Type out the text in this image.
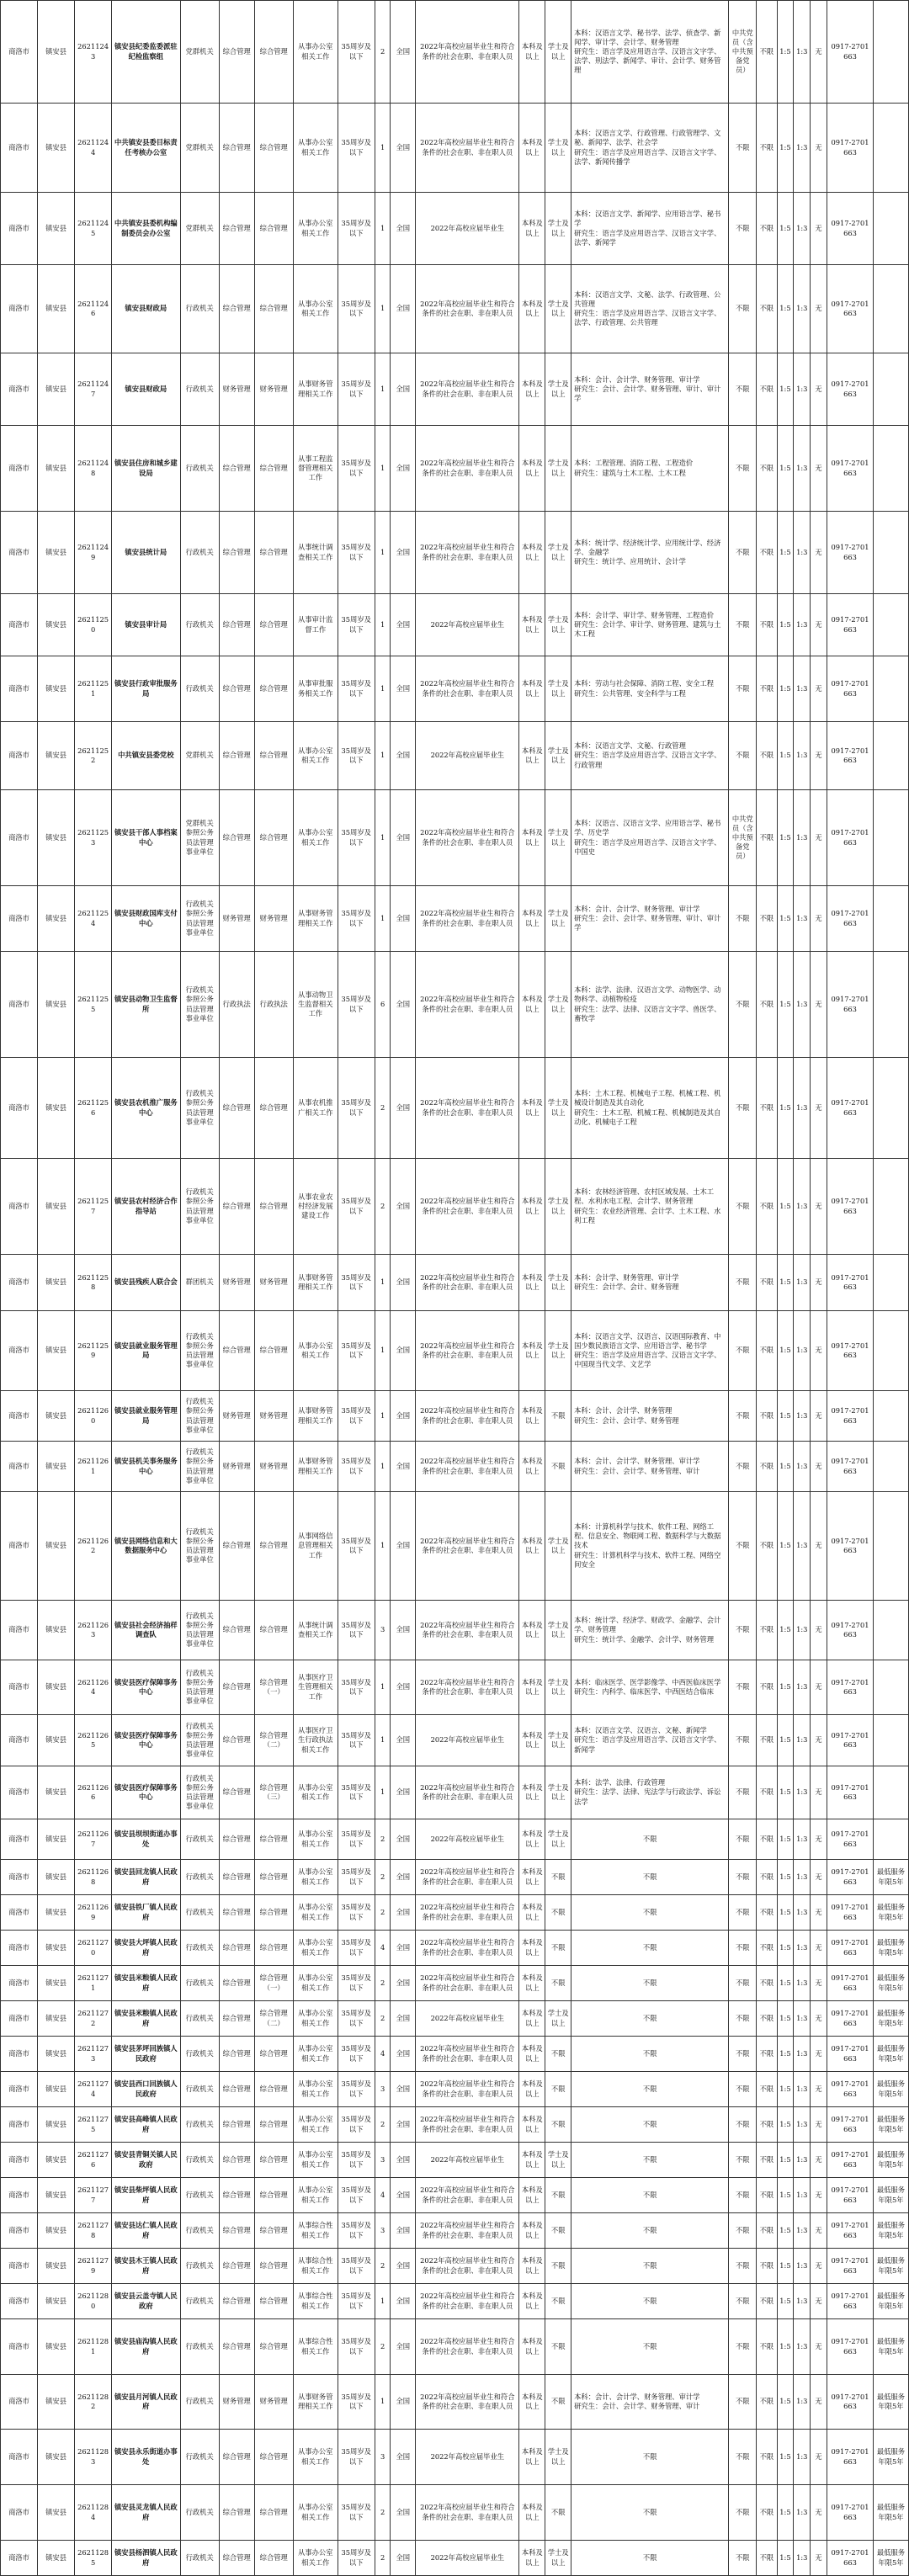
商洛市	镇安县	26211243	镇安县纪委监委派驻纪检监察组	党群机关	综合管理	综合管理	从事办公室相关工作	35周岁及以下	2	全国	2022年高校应届毕业生和符合条件的社会在职、非在职人员	本科及以上	学士及以上	本科：汉语言文学、秘书学、法学、侦查学、新闻学、审计学、会计学、财务管理
研究生：语言学及应用语言学、汉语言文字学、法学、刑法学、新闻学、审计、会计学、财务管理	中共党员（含中共预备党员）	不限	1:5	1:3	无	0917-2701663	
商洛市	镇安县	26211244	中共镇安县委目标责任考核办公室	党群机关	综合管理	综合管理	从事办公室相关工作	35周岁及以下	1	全国	2022年高校应届毕业生和符合条件的社会在职、非在职人员	本科及以上	学士及以上	本科：汉语言文学、行政管理、行政管理学、文秘、新闻学、法学、社会学
研究生：语言学及应用语言学、汉语言文字学、法学、新闻传播学	不限	不限	1:5	1:3	无	0917-2701663	
商洛市	镇安县	26211245	中共镇安县委机构编制委员会办公室	党群机关	综合管理	综合管理	从事办公室相关工作	35周岁及以下	1	全国	2022年高校应届毕业生	本科及以上	学士及以上	本科：汉语言文学、新闻学、应用语言学、秘书学
研究生：语言学及应用语言学、汉语言文字学、法学、新闻学	不限	不限	1:5	1:3	无	0917-2701663	
商洛市	镇安县	26211246	镇安县财政局	行政机关	综合管理	综合管理	从事办公室相关工作	35周岁及以下	1	全国	2022年高校应届毕业生和符合条件的社会在职、非在职人员	本科及以上	学士及以上	本科：汉语言文学、文秘、法学、行政管理、公共管理
研究生：语言学及应用语言学、汉语言文字学、法学、行政管理、公共管理	不限	不限	1:5	1:3	无	0917-2701663	
商洛市	镇安县	26211247	镇安县财政局	行政机关	财务管理	财务管理	从事财务管理相关工作	35周岁及以下	1	全国	2022年高校应届毕业生和符合条件的社会在职、非在职人员	本科及以上	学士及以上	本科：会计、会计学、财务管理、审计学
研究生：会计、会计学、财务管理、审计、审计学	不限	不限	1:5	1:3	无	0917-2701663	
商洛市	镇安县	26211248	镇安县住房和城乡建设局	行政机关	综合管理	综合管理	从事工程监督管理相关工作	35周岁及以下	1	全国	2022年高校应届毕业生和符合条件的社会在职、非在职人员	本科及以上	学士及以上	本科：工程管理、消防工程、工程造价
研究生：建筑与土木工程、土木工程	不限	不限	1:5	1:3	无	0917-2701663	
商洛市	镇安县	26211249	镇安县统计局	行政机关	综合管理	综合管理	从事统计调查相关工作	35周岁及以下	1	全国	2022年高校应届毕业生和符合条件的社会在职、非在职人员	本科及以上	学士及以上	本科：统计学、经济统计学、应用统计学、经济学、金融学
研究生：统计学、应用统计、会计学	不限	不限	1:5	1:3	无	0917-2701663	
商洛市	镇安县	26211250	镇安县审计局	行政机关	综合管理	综合管理	从事审计监督工作	35周岁及以下	1	全国	2022年高校应届毕业生	本科及以上	学士及以上	本科：会计学、审计学、财务管理、工程造价
研究生：会计学、审计学、财务管理、建筑与土木工程	不限	不限	1:5	1:3	无	0917-2701663	
商洛市	镇安县	26211251	镇安县行政审批服务局	行政机关	综合管理	综合管理	从事审批服务相关工作	35周岁及以下	1	全国	2022年高校应届毕业生和符合条件的社会在职、非在职人员	本科及以上	学士及以上	本科：劳动与社会保障、消防工程、安全工程
研究生：公共管理、安全科学与工程	不限	不限	1:5	1:3	无	0917-2701663	
商洛市	镇安县	26211252	中共镇安县委党校	党群机关	综合管理	综合管理	从事办公室相关工作	35周岁及以下	1	全国	2022年高校应届毕业生	本科及以上	学士及以上	本科：汉语言文学、文秘、行政管理
研究生：语言学及应用语言学、汉语言文字学、行政管理	不限	不限	1:5	1:3	无	0917-2701663	
商洛市	镇安县	26211253	镇安县干部人事档案中心	党群机关参照公务员法管理事业单位	综合管理	综合管理	从事办公室相关工作	35周岁及以下	1	全国	2022年高校应届毕业生和符合条件的社会在职、非在职人员	本科及以上	学士及以上	本科：汉语言、汉语言文学、应用语言学、秘书学、历史学
研究生：语言学及应用语言学、汉语言文字学、中国史	中共党员（含中共预备党员）	不限	1:5	1:3	无	0917-2701663	
商洛市	镇安县	26211254	镇安县财政国库支付中心	行政机关参照公务员法管理事业单位	财务管理	财务管理	从事财务管理相关工作	35周岁及以下	1	全国	2022年高校应届毕业生和符合条件的社会在职、非在职人员	本科及以上	学士及以上	本科：会计、会计学、财务管理、审计学
研究生：会计、会计学、财务管理、审计、审计学	不限	不限	1:5	1:3	无	0917-2701663	
商洛市	镇安县	26211255	镇安县动物卫生监督所	行政机关参照公务员法管理事业单位	行政执法	行政执法	从事动物卫生监督相关工作	35周岁及以下	6	全国	2022年高校应届毕业生和符合条件的社会在职、非在职人员	本科及以上	学士及以上	本科：法学、法律、汉语言文学、动物医学、动物科学、动植物检疫
研究生：法学、法律、汉语言文字学、兽医学、畜牧学	不限	不限	1:5	1:3	无	0917-2701663	
商洛市	镇安县	26211256	镇安县农机推广服务中心	行政机关参照公务员法管理事业单位	综合管理	综合管理	从事农机推广相关工作	35周岁及以下	2	全国	2022年高校应届毕业生和符合条件的社会在职、非在职人员	本科及以上	学士及以上	本科：土木工程、机械电子工程、机械工程、机械设计制造及其自动化
研究生：土木工程、机械工程、机械制造及其自动化、机械电子工程	不限	不限	1:5	1:3	无	0917-2701663	
商洛市	镇安县	26211257	镇安县农村经济合作指导站	行政机关参照公务员法管理事业单位	综合管理	综合管理	从事农业农村经济发展建设工作	35周岁及以下	2	全国	2022年高校应届毕业生和符合条件的社会在职、非在职人员	本科及以上	学士及以上	本科：农林经济管理、农村区域发展、土木工程、水利水电工程、会计学、财务管理
研究生：农业经济管理、会计学、土木工程、水利工程	不限	不限	1:5	1:3	无	0917-2701663	
商洛市	镇安县	26211258	镇安县残疾人联合会	群团机关	财务管理	财务管理	从事财务管理相关工作	35周岁及以下	1	全国	2022年高校应届毕业生和符合条件的社会在职、非在职人员	本科及以上	学士及以上	本科：会计学、财务管理、审计学
研究生：会计学、会计、财务管理	不限	不限	1:5	1:3	无	0917-2701663	
商洛市	镇安县	26211259	镇安县就业服务管理局	行政机关参照公务员法管理事业单位	综合管理	综合管理	从事办公室相关工作	35周岁及以下	1	全国	2022年高校应届毕业生和符合条件的社会在职、非在职人员	本科及以上	学士及以上	本科：汉语言文学、汉语言、汉语国际教育、中国少数民族语言文学、应用语言学、秘书学
研究生：语言学及应用语言学、汉语言文字学、中国现当代文学、文艺学	不限	不限	1:5	1:3	无	0917-2701663	
商洛市	镇安县	26211260	镇安县就业服务管理局	行政机关参照公务员法管理事业单位	财务管理	财务管理	从事财务管理相关工作	35周岁及以下	1	全国	2022年高校应届毕业生和符合条件的社会在职、非在职人员	本科及以上	不限	本科：会计、会计学、财务管理
研究生：会计、会计学、财务管理	不限	不限	1:5	1:3	无	0917-2701663	
商洛市	镇安县	26211261	镇安县机关事务服务中心	行政机关参照公务员法管理事业单位	财务管理	财务管理	从事财务管理相关工作	35周岁及以下	1	全国	2022年高校应届毕业生和符合条件的社会在职、非在职人员	本科及以上	不限	本科：会计、会计学、财务管理、审计学
研究生：会计、会计学、财务管理、审计	不限	不限	1:5	1:3	无	0917-2701663	
商洛市	镇安县	26211262	镇安县网络信息和大数据服务中心	行政机关参照公务员法管理事业单位	综合管理	综合管理	从事网络信息管理相关工作	35周岁及以下	1	全国	2022年高校应届毕业生和符合条件的社会在职、非在职人员	本科及以上	学士及以上	本科：计算机科学与技术、软件工程、网络工程、信息安全、物联网工程、数据科学与大数据技术
研究生：计算机科学与技术、软件工程、网络空间安全	不限	不限	1:5	1:3	无	0917-2701663	
商洛市	镇安县	26211263	镇安县社会经济抽样调查队	行政机关参照公务员法管理事业单位	综合管理	综合管理	从事统计调查相关工作	35周岁及以下	3	全国	2022年高校应届毕业生和符合条件的社会在职、非在职人员	本科及以上	学士及以上	本科：统计学、经济学、财政学、金融学、会计学、财务管理
研究生：统计学、金融学、会计学、财务管理	不限	不限	1:5	1:3	无	0917-2701663	
商洛市	镇安县	26211264	镇安县医疗保障事务中心	行政机关参照公务员法管理事业单位	综合管理	综合管理（一）	从事医疗卫生管理相关工作	35周岁及以下	1	全国	2022年高校应届毕业生和符合条件的社会在职、非在职人员	本科及以上	学士及以上	本科：临床医学、医学影像学、中西医临床医学
研究生：内科学、临床医学、中西医结合临床	不限	不限	1:5	1:3	无	0917-2701663	
商洛市	镇安县	26211265	镇安县医疗保障事务中心	行政机关参照公务员法管理事业单位	综合管理	综合管理（二）	从事医疗卫生行政执法相关工作	35周岁及以下	1	全国	2022年高校应届毕业生	本科及以上	学士及以上	本科：汉语言文学、汉语言、文秘、新闻学
研究生：语言学及应用语言学、汉语言文字学、新闻学	不限	不限	1:5	1:3	无	0917-2701663	
商洛市	镇安县	26211266	镇安县医疗保障事务中心	行政机关参照公务员法管理事业单位	综合管理	综合管理（三）	从事办公室相关工作	35周岁及以下	1	全国	2022年高校应届毕业生和符合条件的社会在职、非在职人员	本科及以上	学士及以上	本科：法学、法律、行政管理
研究生：法学、法律、宪法学与行政法学、诉讼法学	不限	不限	1:5	1:3	无	0917-2701663	
商洛市	镇安县	26211267	镇安县坝坝街道办事处	行政机关	综合管理	综合管理	从事办公室相关工作	35周岁及以下	2	全国	2022年高校应届毕业生	本科及以上	学士及以上	不限	不限	不限	1:5	1:3	无	0917-2701663	
商洛市	镇安县	26211268	镇安县回龙镇人民政府	行政机关	综合管理	综合管理	从事办公室相关工作	35周岁及以下	2	全国	2022年高校应届毕业生和符合条件的社会在职、非在职人员	本科及以上	不限	不限	不限	不限	1:5	1:3	无	0917-2701663	最低服务年限5年
商洛市	镇安县	26211269	镇安县铁厂镇人民政府	行政机关	综合管理	综合管理	从事办公室相关工作	35周岁及以下	2	全国	2022年高校应届毕业生和符合条件的社会在职、非在职人员	本科及以上	不限	不限	不限	不限	1:5	1:3	无	0917-2701663	最低服务年限5年
商洛市	镇安县	26211270	镇安县大坪镇人民政府	行政机关	综合管理	综合管理	从事办公室相关工作	35周岁及以下	4	全国	2022年高校应届毕业生和符合条件的社会在职、非在职人员	本科及以上	不限	不限	不限	不限	1:5	1:3	无	0917-2701663	最低服务年限5年
商洛市	镇安县	26211271	镇安县米粮镇人民政府	行政机关	综合管理	综合管理（一）	从事办公室相关工作	35周岁及以下	2	全国	2022年高校应届毕业生和符合条件的社会在职、非在职人员	本科及以上	不限	不限	不限	不限	1:5	1:3	无	0917-2701663	最低服务年限5年
商洛市	镇安县	26211272	镇安县米粮镇人民政府	行政机关	综合管理	综合管理（二）	从事办公室相关工作	35周岁及以下	2	全国	2022年高校应届毕业生	本科及以上	学士及以上	不限	不限	不限	1:5	1:3	无	0917-2701663	最低服务年限5年
商洛市	镇安县	26211273	镇安县茅坪回族镇人民政府	行政机关	综合管理	综合管理	从事办公室相关工作	35周岁及以下	4	全国	2022年高校应届毕业生和符合条件的社会在职、非在职人员	本科及以上	不限	不限	不限	不限	1:5	1:3	无	0917-2701663	最低服务年限5年
商洛市	镇安县	26211274	镇安县西口回族镇人民政府	行政机关	综合管理	综合管理	从事办公室相关工作	35周岁及以下	3	全国	2022年高校应届毕业生和符合条件的社会在职、非在职人员	本科及以上	不限	不限	不限	不限	1:5	1:3	无	0917-2701663	最低服务年限5年
商洛市	镇安县	26211275	镇安县高峰镇人民政府	行政机关	综合管理	综合管理	从事办公室相关工作	35周岁及以下	2	全国	2022年高校应届毕业生和符合条件的社会在职、非在职人员	本科及以上	不限	不限	不限	不限	1:5	1:3	无	0917-2701663	最低服务年限5年
商洛市	镇安县	26211276	镇安县青铜关镇人民政府	行政机关	综合管理	综合管理	从事办公室相关工作	35周岁及以下	3	全国	2022年高校应届毕业生	本科及以上	学士及以上	不限	不限	不限	1:5	1:3	无	0917-2701663	最低服务年限5年
商洛市	镇安县	26211277	镇安县柴坪镇人民政府	行政机关	综合管理	综合管理	从事办公室相关工作	35周岁及以下	4	全国	2022年高校应届毕业生和符合条件的社会在职、非在职人员	本科及以上	不限	不限	不限	不限	1:5	1:3	无	0917-2701663	最低服务年限5年
商洛市	镇安县	26211278	镇安县达仁镇人民政府	行政机关	综合管理	综合管理	从事综合性相关工作	35周岁及以下	3	全国	2022年高校应届毕业生和符合条件的社会在职、非在职人员	本科及以上	不限	不限	不限	不限	1:5	1:3	无	0917-2701663	最低服务年限5年
商洛市	镇安县	26211279	镇安县木王镇人民政府	行政机关	综合管理	综合管理	从事综合性相关工作	35周岁及以下	2	全国	2022年高校应届毕业生和符合条件的社会在职、非在职人员	本科及以上	不限	不限	不限	不限	1:5	1:3	无	0917-2701663	最低服务年限5年
商洛市	镇安县	26211280	镇安县云盖寺镇人民政府	行政机关	综合管理	综合管理	从事综合性相关工作	35周岁及以下	1	全国	2022年高校应届毕业生和符合条件的社会在职、非在职人员	本科及以上	不限	不限	不限	不限	1:5	1:3	无	0917-2701663	最低服务年限5年
商洛市	镇安县	26211281	镇安县庙沟镇人民政府	行政机关	综合管理	综合管理	从事综合性相关工作	35周岁及以下	2	全国	2022年高校应届毕业生和符合条件的社会在职、非在职人员	本科及以上	不限	不限	不限	不限	1:5	1:3	无	0917-2701663	最低服务年限5年
商洛市	镇安县	26211282	镇安县月河镇人民政府	行政机关	财务管理	财务管理	从事财务管理相关工作	35周岁及以下	1	全国	2022年高校应届毕业生和符合条件的社会在职、非在职人员	本科及以上	不限	本科：会计、会计学、财务管理、审计学
研究生：会计、会计学、财务管理、审计	不限	不限	1:5	1:3	无	0917-2701663	最低服务年限5年
商洛市	镇安县	26211283	镇安县永乐街道办事处	行政机关	综合管理	综合管理	从事办公室相关工作	35周岁及以下	3	全国	2022年高校应届毕业生	本科及以上	学士及以上	不限	不限	不限	1:5	1:3	无	0917-2701663	最低服务年限5年
商洛市	镇安县	26211284	镇安县灵龙镇人民政府	行政机关	综合管理	综合管理	从事办公室相关工作	35周岁及以下	2	全国	2022年高校应届毕业生和符合条件的社会在职、非在职人员	本科及以上	不限	不限	不限	不限	1:5	1:3	无	0917-2701663	最低服务年限5年
商洛市	镇安县	26211285	镇安县杨泗镇人民政府	行政机关	综合管理	综合管理	从事办公室相关工作	35周岁及以下	2	全国	2022年高校应届毕业生	本科及以上	学士及以上	不限	不限	不限	1:5	1:3	无	0917-2701663	最低服务年限5年
